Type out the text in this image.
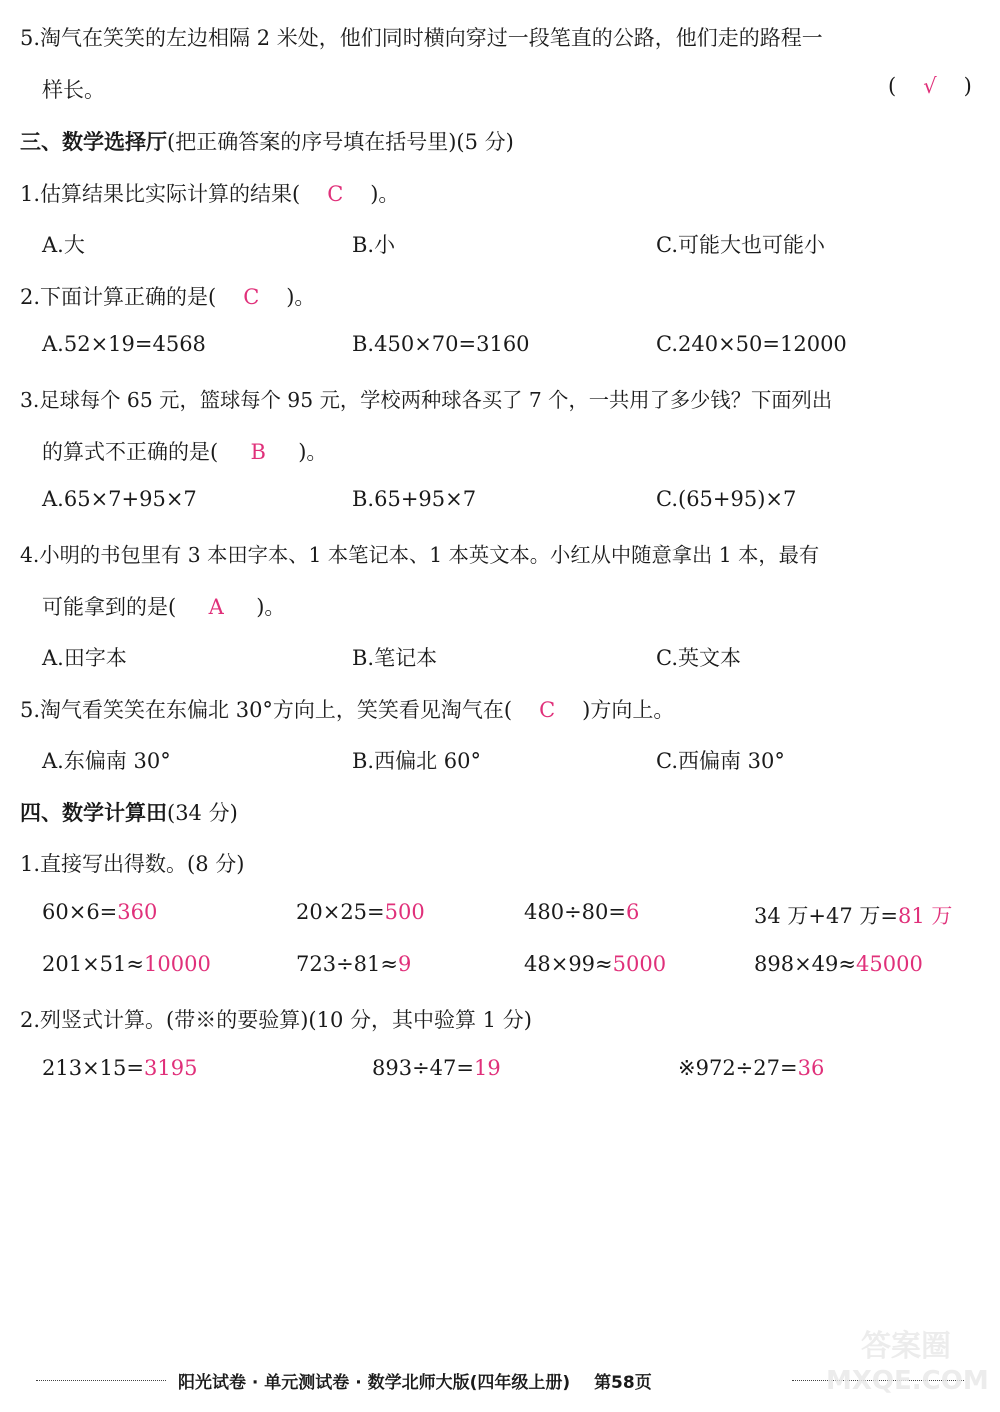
5.淘气在笑笑的左边相隔 2 米处，他们同时横向穿过一段笔直的公路，他们走的路程一
样长。	( √ )
三、数学选择厅(把正确答案的序号填在括号里)(5 分)
1.估算结果比实际计算的结果( C )。
A.大	B.小	C.可能大也可能小
2.下面计算正确的是( C )。
A.52×19=4568	B.450×70=3160	C.240×50=12000
3.足球每个 65 元，篮球每个 95 元，学校两种球各买了 7 个，一共用了多少钱？下面列出
的算式不正确的是( B )。
A.65×7+95×7	B.65+95×7	C.(65+95)×7
4.小明的书包里有 3 本田字本、1 本笔记本、1 本英文本。小红从中随意拿出 1 本，最有
可能拿到的是( A )。
A.田字本	B.笔记本	C.英文本
5.淘气看笑笑在东偏北 30°方向上，笑笑看见淘气在( C )方向上。
A.东偏南 30°	B.西偏北 60°	C.西偏南 30°
四、数学计算田(34 分)
1.直接写出得数。(8 分)
60×6=360	20×25=500	480÷80=6	34 万+47 万=81 万
201×51≈10000	723÷81≈9	48×99≈5000	898×49≈45000
2.列竖式计算。(带※的要验算)(10 分，其中验算 1 分)
213×15=3195	893÷47=19	※972÷27=36
阳光试卷 · 单元测试卷 · 数学北师大版(四年级上册) 第58页
答案圈
MXQE.COM
